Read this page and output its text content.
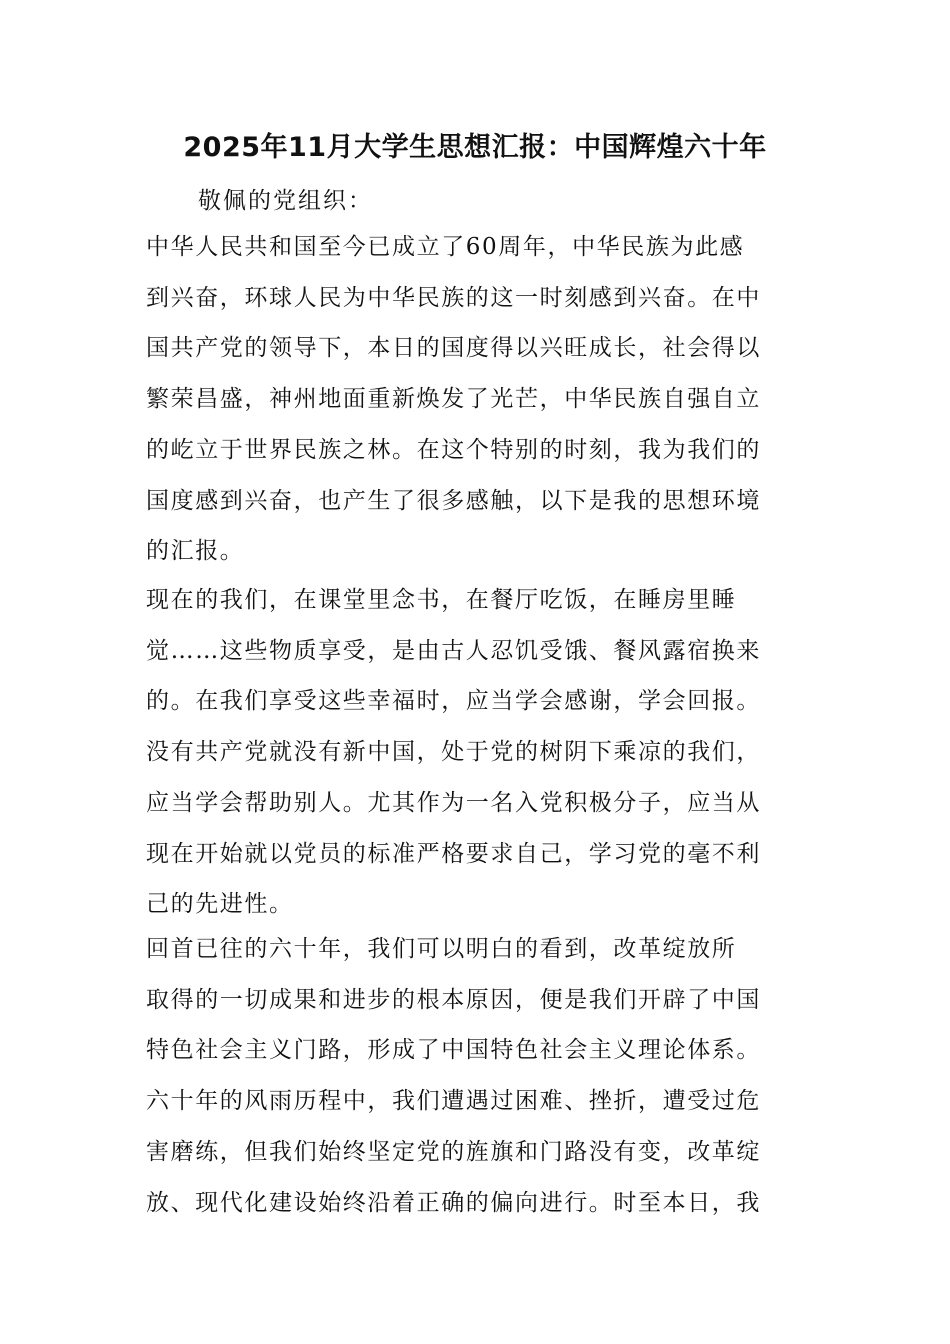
2025年11月大学生思想汇报：中国辉煌六十年

敬佩的党组织：

中华人民共和国至今已成立了60周年，中华民族为此感
到兴奋，环球人民为中华民族的这一时刻感到兴奋。在中
国共产党的领导下，本日的国度得以兴旺成长，社会得以
繁荣昌盛，神州地面重新焕发了光芒，中华民族自强自立
的屹立于世界民族之林。在这个特别的时刻，我为我们的
国度感到兴奋，也产生了很多感触，以下是我的思想环境
的汇报。

现在的我们，在课堂里念书，在餐厅吃饭，在睡房里睡
觉……这些物质享受，是由古人忍饥受饿、餐风露宿换来
的。在我们享受这些幸福时，应当学会感谢，学会回报。
没有共产党就没有新中国，处于党的树阴下乘凉的我们，
应当学会帮助别人。尤其作为一名入党积极分子，应当从
现在开始就以党员的标准严格要求自己，学习党的毫不利
己的先进性。

回首已往的六十年，我们可以明白的看到，改革绽放所
取得的一切成果和进步的根本原因，便是我们开辟了中国
特色社会主义门路，形成了中国特色社会主义理论体系。
六十年的风雨历程中，我们遭遇过困难、挫折，遭受过危
害磨练，但我们始终坚定党的旌旗和门路没有变，改革绽
放、现代化建设始终沿着正确的偏向进行。时至本日，我
